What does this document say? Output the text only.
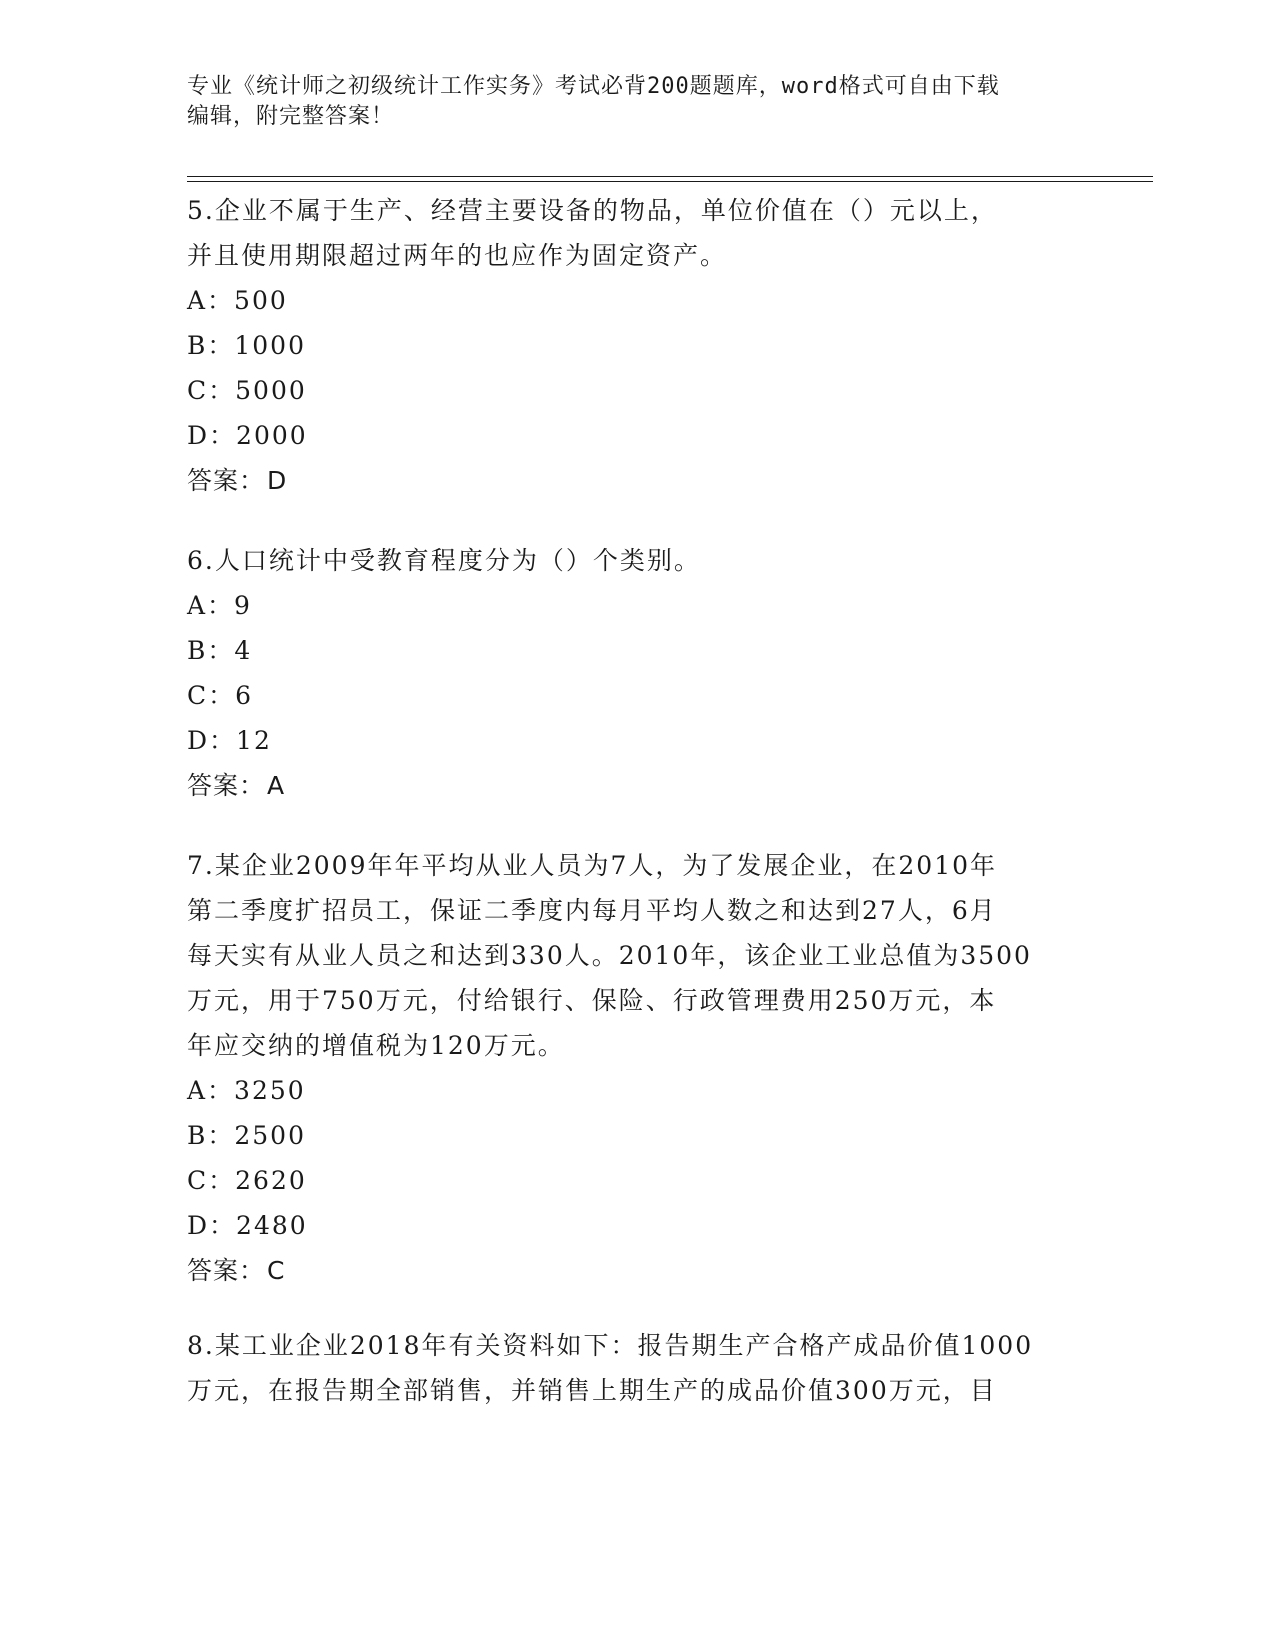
专业《统计师之初级统计工作实务》考试必背200题题库，word格式可自由下载
编辑，附完整答案！
5.企业不属于生产、经营主要设备的物品，单位价值在（）元以上，
并且使用期限超过两年的也应作为固定资产。
A：500
B：1000
C：5000
D：2000
答案：D
6.人口统计中受教育程度分为（）个类别。
A：9
B：4
C：6
D：12
答案：A
7.某企业2009年年平均从业人员为7人，为了发展企业，在2010年
第二季度扩招员工，保证二季度内每月平均人数之和达到27人，6月
每天实有从业人员之和达到330人。2010年，该企业工业总值为3500
万元，用于750万元，付给银行、保险、行政管理费用250万元，本
年应交纳的增值税为120万元。
A：3250
B：2500
C：2620
D：2480
答案：C
8.某工业企业2018年有关资料如下：报告期生产合格产成品价值1000
万元，在报告期全部销售，并销售上期生产的成品价值300万元，目
